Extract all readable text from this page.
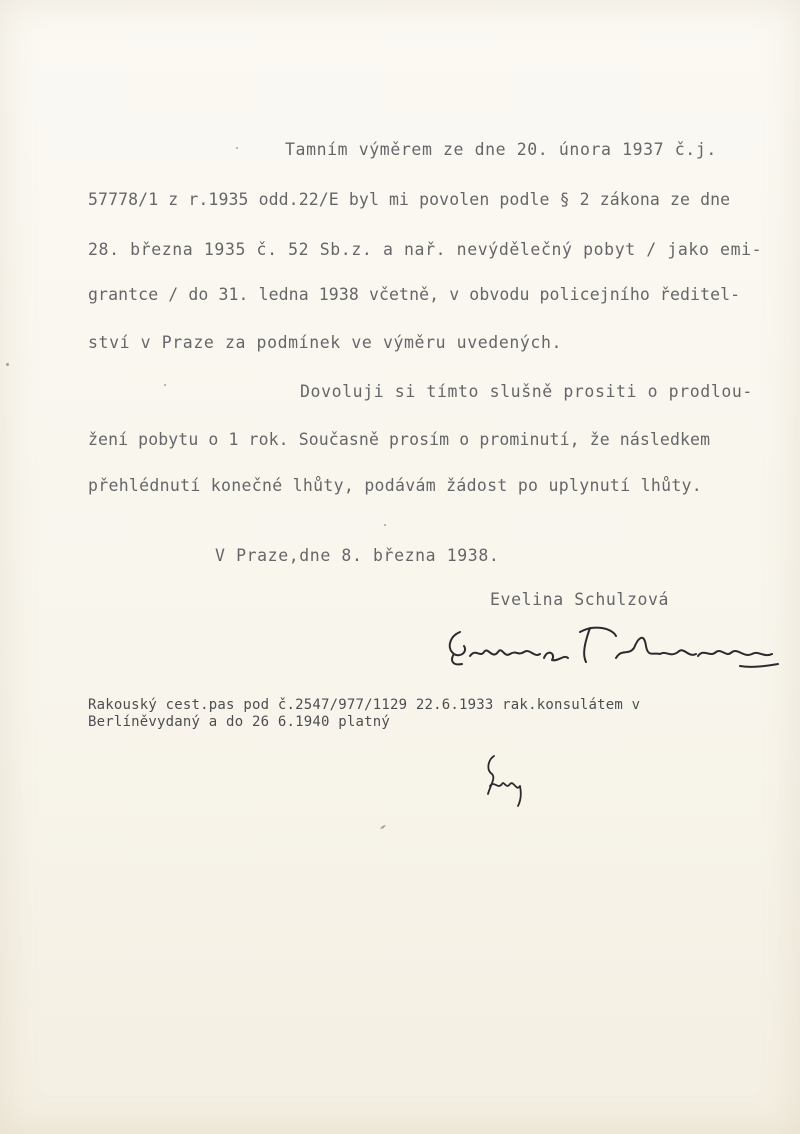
Tamním výměrem ze dne 20. února 1937 č.j.
57778/1 z r.1935 odd.22/E byl mi povolen podle § 2 zákona ze dne
28. března 1935 č. 52 Sb.z. a nař. nevýdělečný pobyt / jako emi-
grantce / do 31. ledna 1938 včetně, v obvodu policejního ředitel-
ství v Praze za podmínek ve výměru uvedených.
Dovoluji si tímto slušně prositi o prodlou-
žení pobytu o 1 rok. Současně prosím o prominutí, že následkem
přehlédnutí konečné lhůty, podávám žádost po uplynutí lhůty.
V Praze,dne 8. března 1938.
Evelina Schulzová
Rakouský cest.pas pod č.2547/977/1129 22.6.1933 rak.konsulátem v
Berlíněvydaný a do 26 6.1940 platný
